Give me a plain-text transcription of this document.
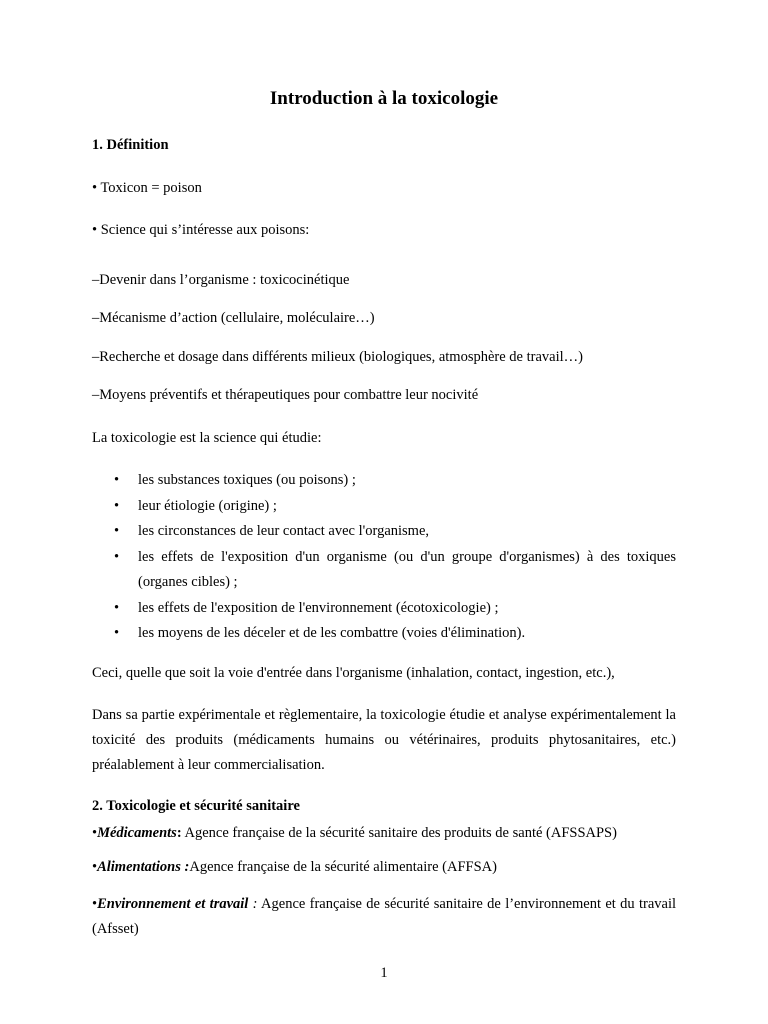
Introduction à la toxicologie
1. Définition
• Toxicon = poison
• Science qui s’intéresse aux poisons:
–Devenir dans l’organisme : toxicocinétique
–Mécanisme d’action (cellulaire, moléculaire…)
–Recherche et dosage dans différents milieux (biologiques, atmosphère de travail…)
–Moyens préventifs et thérapeutiques pour combattre leur nocivité
La toxicologie est la science qui étudie:
• les substances toxiques (ou poisons) ;
• leur étiologie (origine) ;
• les circonstances de leur contact avec l'organisme,
• les effets de l'exposition d'un organisme (ou d'un groupe d'organismes) à des toxiques (organes cibles) ;
• les effets de l'exposition de l'environnement (écotoxicologie) ;
• les moyens de les déceler et de les combattre (voies d'élimination).
Ceci, quelle que soit la voie d'entrée dans l'organisme (inhalation, contact, ingestion, etc.),
Dans sa partie expérimentale et règlementaire, la toxicologie étudie et analyse expérimentalement la toxicité des produits (médicaments humains ou vétérinaires, produits phytosanitaires, etc.) préalablement à leur commercialisation.
2. Toxicologie et sécurité sanitaire
•Médicaments: Agence française de la sécurité sanitaire des produits de santé (AFSSAPS)
•Alimentations :Agence française de la sécurité alimentaire (AFFSA)
•Environnement et travail : Agence française de sécurité sanitaire de l’environnement et du travail (Afsset)
1
